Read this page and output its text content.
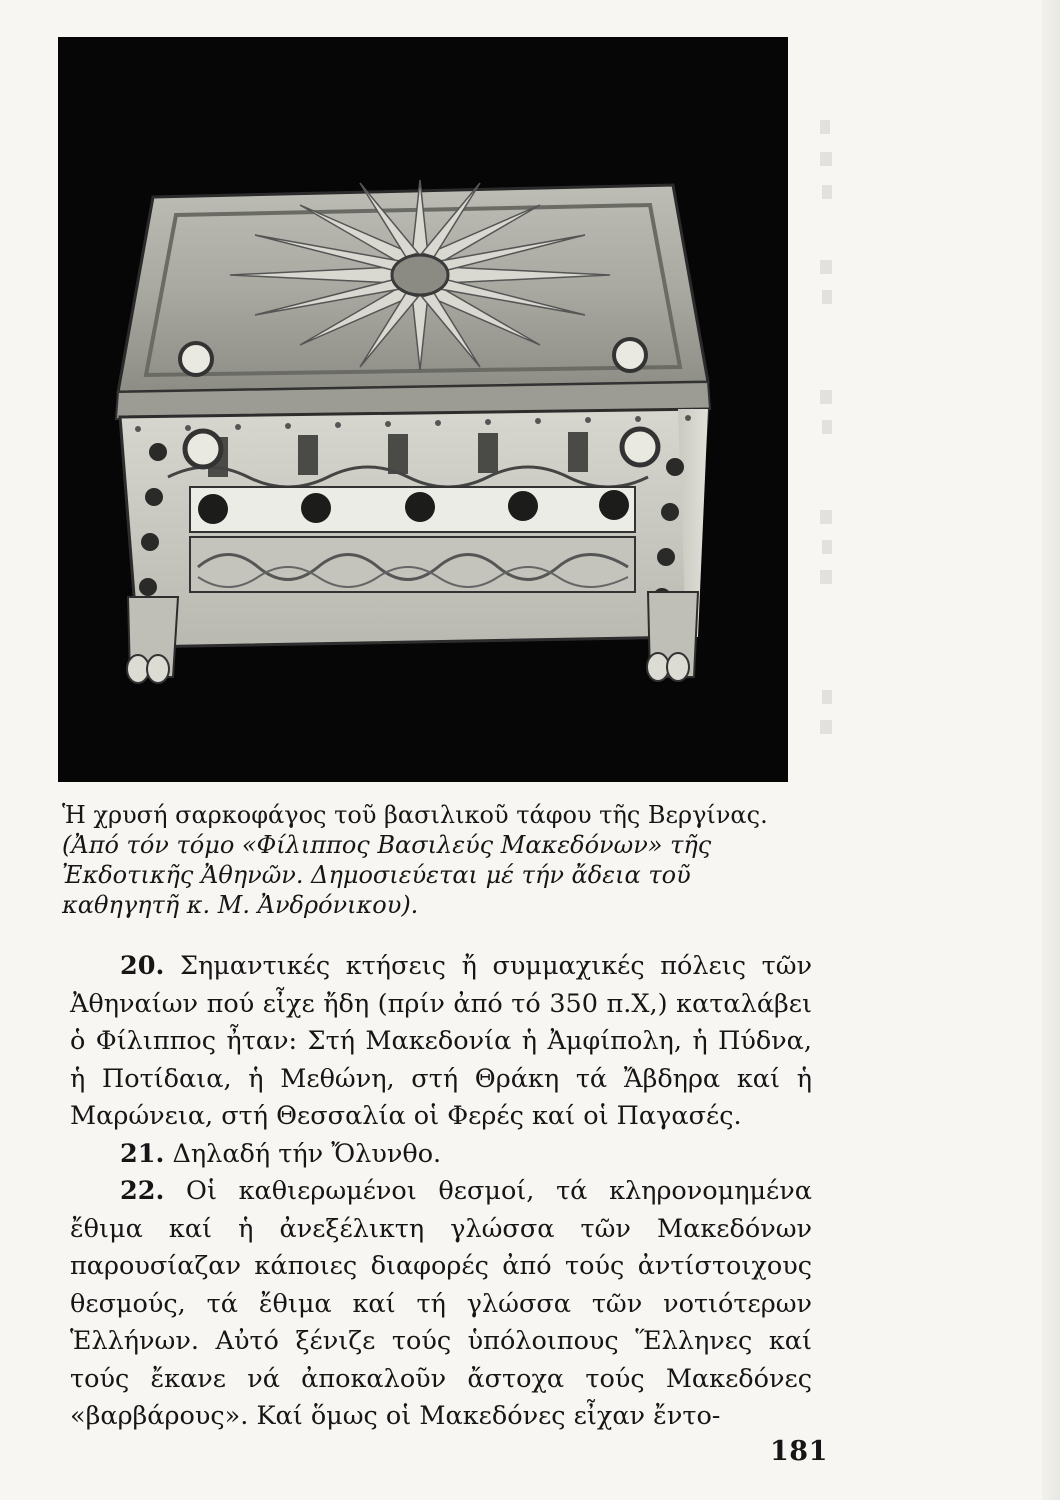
Ἡ χρυσή σαρκοφάγος τοῦ βασιλικοῦ τάφου τῆς Βεργίνας.

(Ἀπό τόν τόμο «Φίλιππος Βασιλεύς Μακεδόνων» τῆς Ἐκδοτικῆς Ἀθηνῶν. Δημοσιεύεται μέ τήν ἄδεια τοῦ καθηγητῆ κ. Μ. Ἀνδρόνικου).

20. Σημαντικές κτήσεις ἤ συμμαχικές πόλεις τῶν Ἀθηναίων πού εἶχε ἤδη (πρίν ἀπό τό 350 π.Χ,) καταλάβει ὁ Φίλιππος ἦταν: Στή Μακεδονία ἡ Ἀμφίπολη, ἡ Πύδνα, ἡ Ποτίδαια, ἡ Μεθώνη, στή Θράκη τά Ἄβδηρα καί ἡ Μαρώνεια, στή Θεσσαλία οἱ Φερές καί οἱ Παγασές.

21. Δηλαδή τήν Ὄλυνθο.

22. Οἱ καθιερωμένοι θεσμοί, τά κληρονομημένα ἔθιμα καί ἡ ἀνεξέλικτη γλώσσα τῶν Μακεδόνων παρουσίαζαν κάποιες διαφορές ἀπό τούς ἀντίστοιχους θεσμούς, τά ἔθιμα καί τή γλώσσα τῶν νοτιότερων Ἑλλήνων. Αὐτό ξένιζε τούς ὑπόλοιπους Ἕλληνες καί τούς ἔκανε νά ἀποκαλοῦν ἄστοχα τούς Μακεδόνες «βαρβάρους». Καί ὅμως οἱ Μακεδόνες εἶχαν ἔντο-

181
